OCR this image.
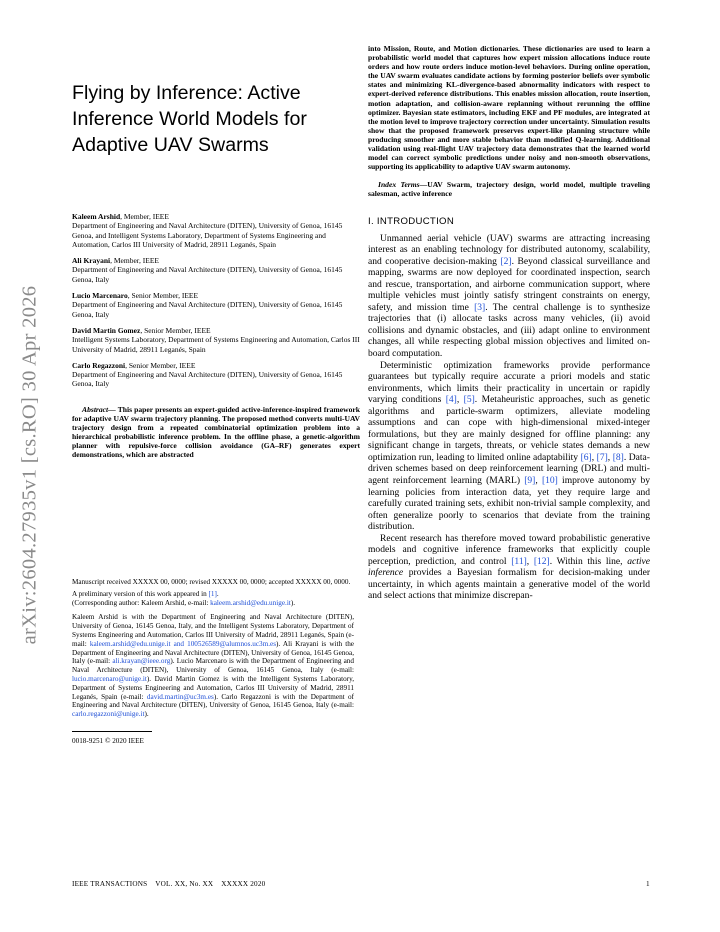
arXiv:2604.27935v1 [cs.RO] 30 Apr 2026
Flying by Inference: Active
Inference World Models for
Adaptive UAV Swarms
Kaleem Arshid, Member, IEEE
Department of Engineering and Naval Architecture (DITEN), University of Genoa, 16145 Genoa, and Intelligent Systems Laboratory, Department of Systems Engineering and Automation, Carlos III University of Madrid, 28911 Leganés, Spain
Ali Krayani, Member, IEEE
Department of Engineering and Naval Architecture (DITEN), University of Genoa, 16145 Genoa, Italy
Lucio Marcenaro, Senior Member, IEEE
Department of Engineering and Naval Architecture (DITEN), University of Genoa, 16145 Genoa, Italy
David Martin Gomez, Senior Member, IEEE
Intelligent Systems Laboratory, Department of Systems Engineering and Automation, Carlos III University of Madrid, 28911 Leganés, Spain
Carlo Regazzoni, Senior Member, IEEE
Department of Engineering and Naval Architecture (DITEN), University of Genoa, 16145 Genoa, Italy
Abstract— This paper presents an expert-guided active-inference-inspired framework for adaptive UAV swarm trajectory planning. The proposed method converts multi-UAV trajectory design from a repeated combinatorial optimization problem into a hierarchical probabilistic inference problem. In the offline phase, a genetic-algorithm planner with repulsive-force collision avoidance (GA–RF) generates expert demonstrations, which are abstracted

Manuscript received XXXXX 00, 0000; revised XXXXX 00, 0000; accepted XXXXX 00, 0000.

A preliminary version of this work appeared in [1].
(Corresponding author: Kaleem Arshid, e-mail: kaleem.arshid@edu.unige.it).

Kaleem Arshid is with the Department of Engineering and Naval Architecture (DITEN), University of Genoa, 16145 Genoa, Italy, and the Intelligent Systems Laboratory, Department of Systems Engineering and Automation, Carlos III University of Madrid, 28911 Leganés, Spain (e-mail: kaleem.arshid@edu.unige.it and 100526589@alumnos.uc3m.es). Ali Krayani is with the Department of Engineering and Naval Architecture (DITEN), University of Genoa, 16145 Genoa, Italy (e-mail: ali.krayan@ieee.org). Lucio Marcenaro is with the Department of Engineering and Naval Architecture (DITEN), University of Genoa, 16145 Genoa, Italy (e-mail: lucio.marcenaro@unige.it). David Martin Gomez is with the Intelligent Systems Laboratory, Department of Systems Engineering and Automation, Carlos III University of Madrid, 28911 Leganés, Spain (e-mail: david.martin@uc3m.es). Carlo Regazzoni is with the Department of Engineering and Naval Architecture (DITEN), University of Genoa, 16145 Genoa, Italy (e-mail: carlo.regazzoni@unige.it).

0018-9251 © 2020 IEEE

into Mission, Route, and Motion dictionaries. These dictionaries are used to learn a probabilistic world model that captures how expert mission allocations induce route orders and how route orders induce motion-level behaviors. During online operation, the UAV swarm evaluates candidate actions by forming posterior beliefs over symbolic states and minimizing KL-divergence-based abnormality indicators with respect to expert-derived reference distributions. This enables mission allocation, route insertion, motion adaptation, and collision-aware replanning without rerunning the offline optimizer. Bayesian state estimators, including EKF and PF modules, are integrated at the motion level to improve trajectory correction under uncertainty. Simulation results show that the proposed framework preserves expert-like planning structure while producing smoother and more stable behavior than modified Q-learning. Additional validation using real-flight UAV trajectory data demonstrates that the learned world model can correct symbolic predictions under noisy and non-smooth observations, supporting its applicability to adaptive UAV swarm autonomy.

Index Terms—UAV Swarm, trajectory design, world model, multiple traveling salesman, active inference

I. INTRODUCTION

Unmanned aerial vehicle (UAV) swarms are attracting increasing interest as an enabling technology for distributed autonomy, scalability, and cooperative decision-making [2]. Beyond classical surveillance and mapping, swarms are now deployed for coordinated inspection, search and rescue, transportation, and airborne communication support, where multiple vehicles must jointly satisfy stringent constraints on energy, safety, and mission time [3]. The central challenge is to synthesize trajectories that (i) allocate tasks across many vehicles, (ii) avoid collisions and dynamic obstacles, and (iii) adapt online to environment changes, all while respecting global mission objectives and limited on-board computation.

Deterministic optimization frameworks provide performance guarantees but typically require accurate a priori models and static environments, which limits their practicality in uncertain or rapidly varying conditions [4], [5]. Metaheuristic approaches, such as genetic algorithms and particle-swarm optimizers, alleviate modeling assumptions and can cope with high-dimensional mixed-integer formulations, but they are mainly designed for offline planning: any significant change in targets, threats, or vehicle states demands a new optimization run, leading to limited online adaptability [6], [7], [8]. Data-driven schemes based on deep reinforcement learning (DRL) and multi-agent reinforcement learning (MARL) [9], [10] improve autonomy by learning policies from interaction data, yet they require large and carefully curated training sets, exhibit non-trivial sample complexity, and often generalize poorly to scenarios that deviate from the training distribution.

Recent research has therefore moved toward probabilistic generative models and cognitive inference frameworks that explicitly couple perception, prediction, and control [11], [12]. Within this line, active inference provides a Bayesian formalism for decision-making under uncertainty, in which agents maintain a generative model of the world and select actions that minimize discrepan-

IEEE TRANSACTIONS    VOL. XX, No. XX    XXXXX 2020	1
